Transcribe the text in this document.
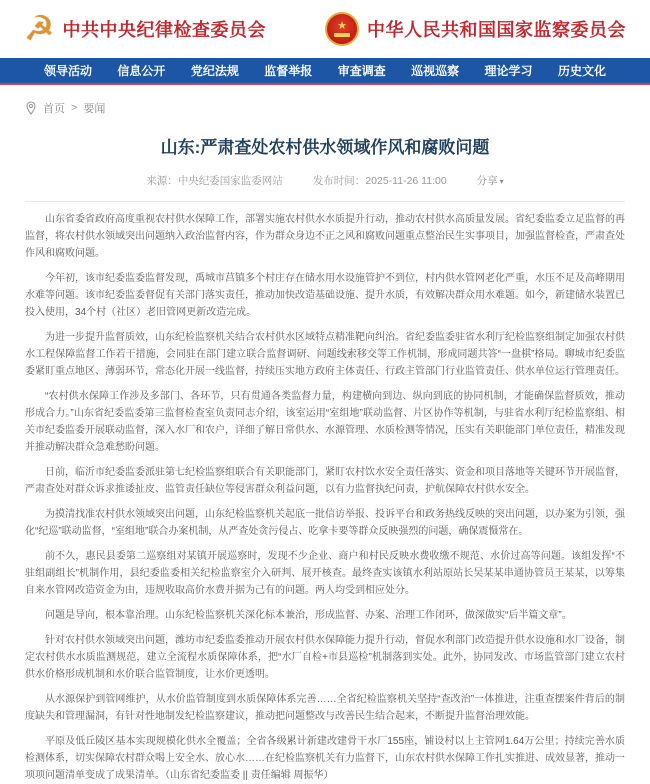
☭ 中共中央纪律检查委员会	★ 中华人民共和国国家监察委员会
领导活动 信息公开 党纪法规 监督举报 审查调查 巡视巡察 理论学习 历史文化
首页 > 要闻
山东:严肃查处农村供水领域作风和腐败问题
来源：中央纪委国家监委网站	发布时间：2025-11-26 11:00	分享 ▾

山东省委省政府高度重视农村供水保障工作，部署实施农村供水水质提升行动，推动农村供水高质量发展。省纪委监委立足监督的再监督，将农村供水领域突出问题纳入政治监督内容，作为群众身边不正之风和腐败问题重点整治民生实事项目，加强监督检查，严肃查处作风和腐败问题。

今年初，该市纪委监委监督发现，禹城市莒镇多个村庄存在储水用水设施管护不到位，村内供水管网老化严重，水压不足及高峰期用水难等问题。该市纪委监委督促有关部门落实责任，推动加快改造基础设施、提升水质，有效解决群众用水难题。如今，新建储水装置已投入使用，34个村（社区）老旧管网更新改造完成。

为进一步提升监督质效，山东纪检监察机关结合农村供水区域特点精准靶向纠治。省纪委监委驻省水利厅纪检监察组制定加强农村供水工程保障监督工作若干措施，会同驻在部门建立联合监督调研、问题线索移交等工作机制，形成同题共答“一盘棋”格局。聊城市纪委监委紧盯重点地区、薄弱环节，常态化开展一线监督，持续压实地方政府主体责任、行政主管部门行业监管责任、供水单位运行管理责任。

“农村供水保障工作涉及多部门、各环节，只有贯通各类监督力量，构建横向到边、纵向到底的协同机制，才能确保监督质效，推动形成合力。”山东省纪委监委第三监督检查室负责同志介绍，该室运用“室组地”联动监督、片区协作等机制，与驻省水利厅纪检监察组、相关市纪委监委开展联动监督，深入水厂和农户，详细了解日常供水、水源管理、水质检测等情况，压实有关职能部门单位责任，精准发现并推动解决群众急难愁盼问题。

日前，临沂市纪委监委派驻第七纪检监察组联合有关职能部门，紧盯农村饮水安全责任落实、资金和项目落地等关键环节开展监督，严肃查处对群众诉求推诿扯皮、监管责任缺位等侵害群众利益问题，以有力监督执纪问责，护航保障农村供水安全。

为摸清找准农村供水领域突出问题，山东纪检监察机关起底一批信访举报、投诉平台和政务热线反映的突出问题，以办案为引领，强化“纪巡”联动监督，“室组地”联合办案机制，从严查处贪污侵占、吃拿卡要等群众反映强烈的问题，确保震慑常在。

前不久，惠民县委第二巡察组对某镇开展巡察时，发现不少企业、商户和村民反映水费收缴不规范、水价过高等问题。该组发挥“不驻组副组长”机制作用，县纪委监委相关纪检监察室介入研判、展开核查。最终查实该镇水利站原站长吴某某串通协管员王某某，以筹集自来水管网改造资金为由，违规收取高价水费并据为己有的问题。两人均受到相应处分。

问题是导向，根本靠治理。山东纪检监察机关深化标本兼治，形成监督、办案、治理工作闭环，做深做实“后半篇文章”。

针对农村供水领域突出问题，潍坊市纪委监委推动开展农村供水保障能力提升行动，督促水利部门改造提升供水设施和水厂设备，制定农村供水水质监测规范，建立全流程水质保障体系，把“水厂自检+市县巡检”机制落到实处。此外，协同发改、市场监管部门建立农村供水价格形成机制和水价联合监管制度，让水价更透明。

从水源保护到管网维护，从水价监管制度到水质保障体系完善……全省纪检监察机关坚持“查改治”一体推进，注重查摆案件背后的制度缺失和管理漏洞，有针对性地制发纪检监察建议，推动把问题整改与改善民生结合起来，不断提升监督治理效能。

平原及低丘陵区基本实现规模化供水全覆盖；全省各级累计新建改建骨干水厂155座，铺设村以上主管网1.64万公里；持续完善水质检测体系，切实保障农村群众喝上安全水、放心水……在纪检监察机关有力监督下，山东农村供水保障工作扎实推进、成效显著，推动一项项问题清单变成了成果清单。（山东省纪委监委 || 责任编辑 周振华）
